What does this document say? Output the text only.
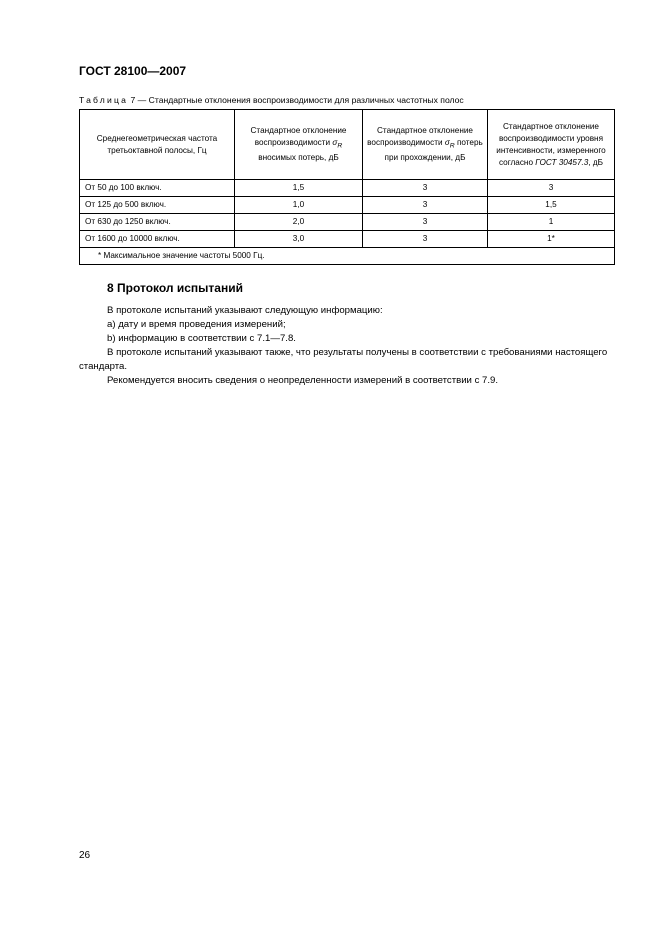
ГОСТ 28100—2007
Таблица 7 — Стандартные отклонения воспроизводимости для различных частотных полос
Среднегеометрическая частота третьоктавной полосы, Гц	Стандартное отклонение воспроизводимости $\sigma_R$ вносимых потерь, дБ	Стандартное отклонение воспроизводимости $\sigma_R$ потерь при прохождении, дБ	Стандартное отклонение воспроизводимости уровня интенсивности, измеренного согласно ГОСТ 30457.3, дБ
От 50 до 100 включ.	1,5	3	3
От 125 до 500 включ.	1,0	3	1,5
От 630 до 1250 включ.	2,0	3	1
От 1600 до 10000 включ.	3,0	3	1*
* Максимальное значение частоты 5000 Гц.			
8 Протокол испытаний

В протоколе испытаний указывают следующую информацию:

а) дату и время проведения измерений;

b) информацию в соответствии с 7.1—7.8.

В протоколе испытаний указывают также, что результаты получены в соответствии с требованиями настоящего стандарта.

Рекомендуется вносить сведения о неопределенности измерений в соответствии с 7.9.

26
